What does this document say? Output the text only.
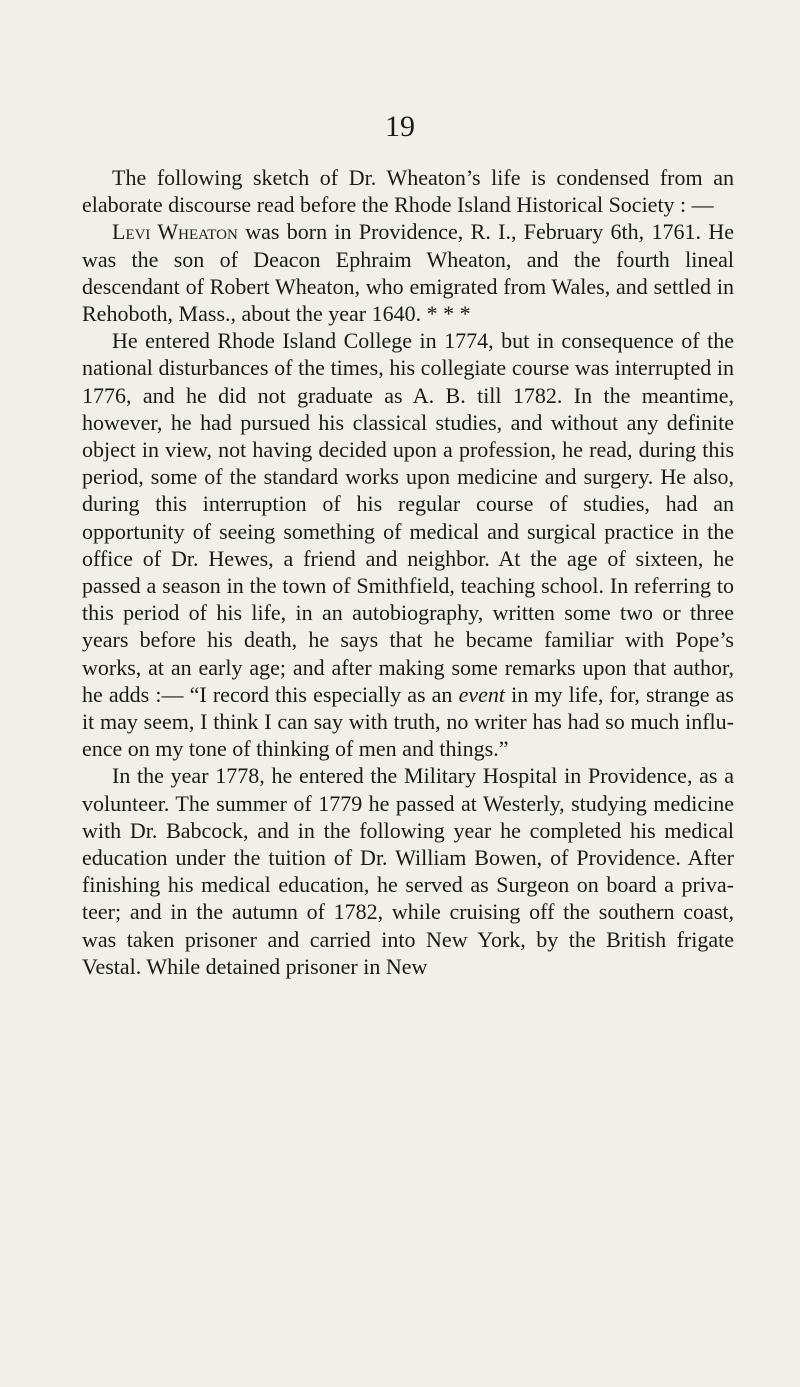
19

The following sketch of Dr. Wheaton’s life is condensed from an elaborate discourse read before the Rhode Island Historical Society : —

Levi Wheaton was born in Providence, R. I., February 6th, 1761. He was the son of Deacon Ephraim Wheaton, and the fourth lineal descendant of Robert Wheaton, who emigrated from Wales, and settled in Rehoboth, Mass., about the year 1640. * * *

He entered Rhode Island College in 1774, but in consequence of the national disturbances of the times, his collegiate course was interrupted in 1776, and he did not graduate as A. B. till 1782. In the meantime, however, he had pursued his classical studies, and without any definite object in view, not having decided upon a profession, he read, during this period, some of the standard works upon medicine and surgery. He also, during this interruption of his regular course of studies, had an opportunity of seeing something of medical and surgical practice in the office of Dr. Hewes, a friend and neighbor. At the age of sixteen, he passed a season in the town of Smithfield, teaching school. In referring to this period of his life, in an autobiography, written some two or three years before his death, he says that he became familiar with Pope’s works, at an early age; and after making some remarks upon that author, he adds :— “I record this especially as an event in my life, for, strange as it may seem, I think I can say with truth, no writer has had so much influence on my tone of thinking of men and things.”

In the year 1778, he entered the Military Hospital in Providence, as a volunteer. The summer of 1779 he passed at Westerly, studying medicine with Dr. Babcock, and in the following year he completed his medical education under the tuition of Dr. William Bowen, of Providence. After finishing his medical education, he served as Surgeon on board a privateer; and in the autumn of 1782, while cruising off the southern coast, was taken prisoner and carried into New York, by the British frigate Vestal. While detained prisoner in New
